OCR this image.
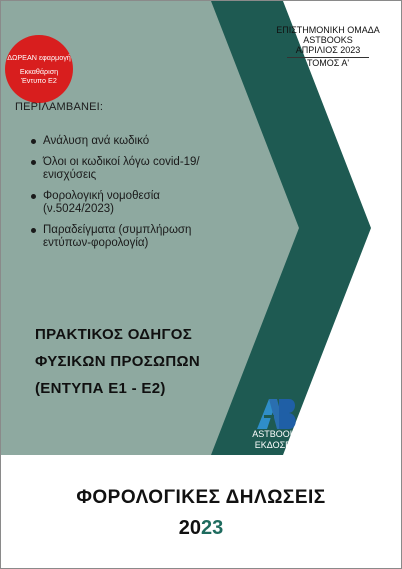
ΔΩΡΕΑΝ εφαρμογή
Εκκαθάριση
Έντυπο Ε2
ΕΠΙΣΤΗΜΟΝΙΚΗ ΟΜΑΔΑ
ASTBOOKS
ΑΠΡΙΛΙΟΣ 2023
ΤΟΜΟΣ Α'
ΠΕΡΙΛΑΜΒΑΝΕΙ:
Ανάλυση ανά κωδικό
Όλοι οι κωδικοί λόγω covid-19/
ενισχύσεις
Φορολογική νομοθεσία
(ν.5024/2023)
Παραδείγματα (συμπλήρωση
εντύπων-φορολογία)
ΠΡΑΚΤΙΚΟΣ ΟΔΗΓΟΣ
ΦΥΣΙΚΩΝ ΠΡΟΣΩΠΩΝ
(ΕΝΤΥΠΑ Ε1 - Ε2)
ASTBOOKS
ΕΚΔΟΣΕΙΣ
ΦΟΡΟΛΟΓΙΚΕΣ ΔΗΛΩΣΕΙΣ
2023
